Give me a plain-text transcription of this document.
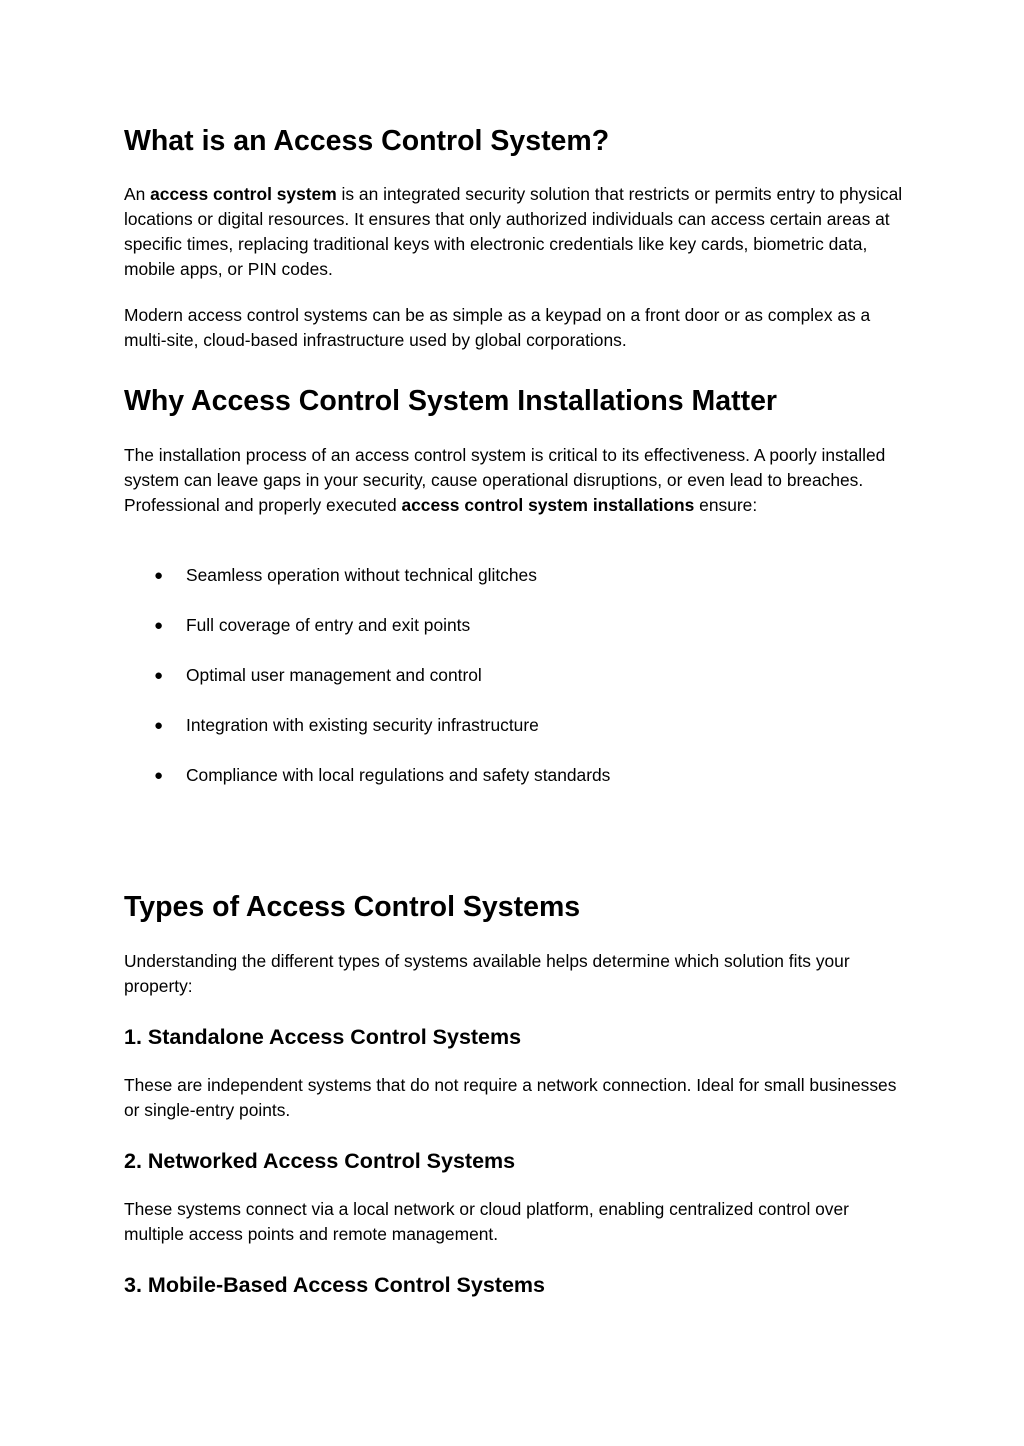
What is an Access Control System?

An access control system is an integrated security solution that restricts or permits entry to physical locations or digital resources. It ensures that only authorized individuals can access certain areas at specific times, replacing traditional keys with electronic credentials like key cards, biometric data, mobile apps, or PIN codes.

Modern access control systems can be as simple as a keypad on a front door or as complex as a multi-site, cloud-based infrastructure used by global corporations.

Why Access Control System Installations Matter

The installation process of an access control system is critical to its effectiveness. A poorly installed system can leave gaps in your security, cause operational disruptions, or even lead to breaches. Professional and properly executed access control system installations ensure:

●	Seamless operation without technical glitches
●	Full coverage of entry and exit points
●	Optimal user management and control
●	Integration with existing security infrastructure
●	Compliance with local regulations and safety standards
Types of Access Control Systems

Understanding the different types of systems available helps determine which solution fits your property:

1. Standalone Access Control Systems

These are independent systems that do not require a network connection. Ideal for small businesses or single-entry points.

2. Networked Access Control Systems

These systems connect via a local network or cloud platform, enabling centralized control over multiple access points and remote management.

3. Mobile-Based Access Control Systems
